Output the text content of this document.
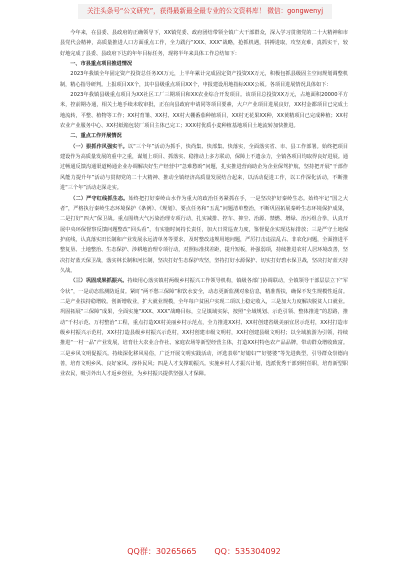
关注头条号“公文研究”，获得最新最全最专业的公文资料库！ 微信：gongwenyj

今年来，在县委、县政府的正确领导下，XX镇党委、政府团结带领全镇广大干部群众，深入学习贯彻党的二十大精神和市县党代会精神，高质量推进人口方面重点工作，全力践行“XXX、XXX”战略，抢抓机遇，拼搏进取，攻坚克难，真抓实干，较好地完成了县委、县政府下达的年年目标任务，现将半年来具体工作总结如下：

一、市县重点项目推进情况

2023年我镇全年固定资产投资总任务XX万元，上半年累计完成固定资产投资XX万元，积极包抓县级固主空间规划调整机制，精心指导研判。上报项目XX个，其中县级重点项目XX个，申报建设用地指标XXX公顷。各项目进展情况具体如下：

2023年我镇县级重点项目为XX社区工厂三期项目和XX农业综合开发项目。该项目总投资XX万元，占地面积20000平方米，控前期办通，相关土地手续未收审批，正在向县政府申请同等项目要素，大户产业项目进展良好，XX村金都项目已完成土地流转，平整、植物等工作；XX村育雏、XX村、XX村大棚番茄种植项目，XX村无花果XX种，XX黄精项目已完成种植；XX村农业产业服务中心、XX村纸箱包装厂项目主体已完工；XXX村优质小麦种植基地项目土地流转加快推进。

二、重点工作开展情况

（一）狠抓作风强实干。以“三个年”活动为抓手，快尚集、快部集、快落实，全面落实省、市、县工作部署。始终把项目建设作为高质量发展的重中之重，谋划上项目、抓落实、稳推动上多方联动，保障上不遗余力，全镇各项目均取得良好进展。通过畅通反馈沟通渠道畅通企业办调解决好生产经营中“急难愁盼”问题，扎实推进营商助企为企业保驾护航，坚持把开展“干部作风能力提升年”活动与贯彻党的二十大精神、推动全镇经济高质量发展结合起来，以活动促进工作，以工作深化活动，不断推进“三个年”活动走深走实。

（二）严守红线抓生态。始终把打好秦岭山水作为重大的政治任务紧抓在手，一是坚决护好秦岭生态。始终牢记“国之大者”，严格执行秦岭生态环境保护《条例》、《规划》、要点任务和“五乱”问题清单整治，不断巩固拓展秦岭生态环境保护成果，二是打好“四大”保卫战。重点围绕大气污染治理专项行动，扎实减排、控车、抑尘、治源、禁燃、增绿、治污组合拳，认真开展中央环保督察反馈问题整改“回头看”，有实施时间持长责任，加大日常巡查力度，鉴督促企实现达标排放；三是严守土地保护底线，认真落实田长制和产业发展永远清单务等要求，及时整改违规用地问题，严厉打击违法乱占、非农化问题，全面推进平整复垦、土地整治、生态保护、涉耕地治理专项行动，对照标准找差距，提升短板，补强弱项，持续推进农村人居环境改善，坚决打好蓝天保卫战，落实林长制和河长制，坚决打好生态保护攻坚，坚持打好水源保护、切实打好碧水保卫战，坚决打好蓝天持久战。

（三）巩固成果抓振兴。持续用心落实镇村两级乡村振兴工作领导机构，镇级各部门协调联动，全镇领导干部层层立下“军令状”，一是动态监测防返贫。紧盯“两不愁三保障”和饮水安全，动态更新监测对象信息，精准帮扶，确保不发生规模性返贫。二是产业扶持稳增收。创新增收业，扩大就业规模，全年每户贫困户实现二项以上稳定收入，三是加大力度解决脱贫人口就业。巩固拓展“三保障”成果，全面实施“XXX、XXX”战略目标，立足镇域实际，按照“全域规划、示范引领、整体推进”的思路，推动“千村示范、万村整治”工程，重点打造XX村美丽乡村示范点，全力推进XX村、XX村创建省级美丽宜居示范村，XX村打造市级乡村振兴示范村，XX村打造县级乡村振兴示范村，XX村创建市级文明村，XX村创建县级文明村；以全域旅游为引领，持续推进“一村一品”产业发展，培育壮大农业合作社、家庭农场等新型经营主体，打造XX村特色农产品品牌，带动群众增收致富。三是乡风文明促振兴。持续深化移风易俗，广泛开展文明实践活动，评选表彰“好媳妇”“好婆婆”等先进典型，引导群众崇德向善，培育文明乡风、良好家风、淳朴民风；四是人才支撑助振兴。实施乡村人才振兴计划，选派优秀干部到村任职，培育新型职业农民，吸引外出人才返乡创业，为乡村振兴提供坚强人才保障。

QQ群：30265665 QQ：535304092
